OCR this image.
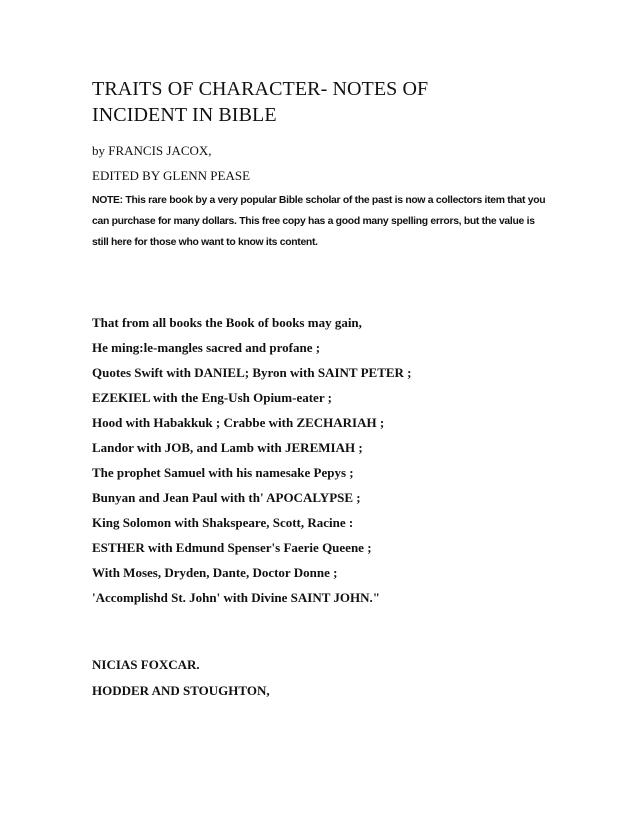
TRAITS OF CHARACTER- NOTES OF INCIDENT IN BIBLE
by FRANCIS JACOX,
EDITED BY GLENN PEASE
NOTE: This rare book by a very popular Bible scholar of the past is now a collectors item that you can purchase for many dollars. This free copy has a good many spelling errors, but the value is still here for those who want to know its content.
That from all books the Book of books may gain,
He ming:le-mangles sacred and profane ;
Quotes Swift with DANIEL; Byron with SAINT PETER ;
EZEKIEL with the Eng-Ush Opium-eater ;
Hood with Habakkuk ; Crabbe with ZECHARIAH ;
Landor with JOB, and Lamb with JEREMIAH ;
The prophet Samuel with his namesake Pepys ;
Bunyan and Jean Paul with th' APOCALYPSE ;
King Solomon with Shakspeare, Scott, Racine :
ESTHER with Edmund Spenser's Faerie Queene ;
With Moses, Dryden, Dante, Doctor Donne ;
'Accomplishd St. John' with Divine SAINT JOHN."
NICIAS FOXCAR.
HODDER AND STOUGHTON,
